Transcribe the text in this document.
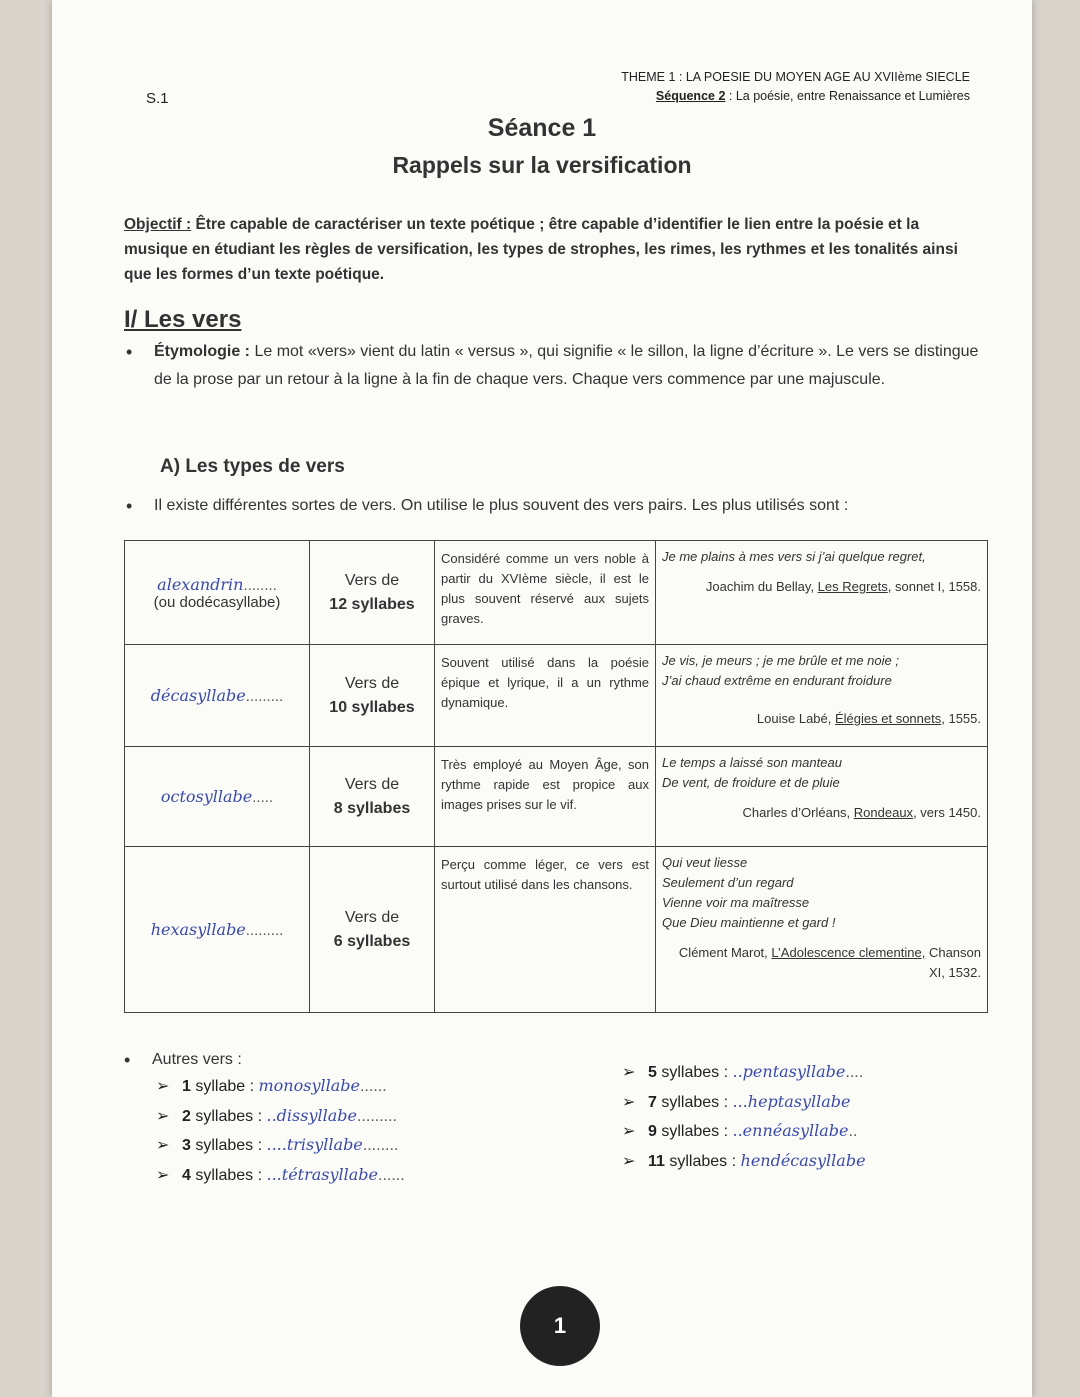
S.1
THEME 1 : LA POESIE DU MOYEN AGE AU XVIIème SIECLE
Séquence 2 : La poésie, entre Renaissance et Lumières
Séance 1
Rappels sur la versification
Objectif : Être capable de caractériser un texte poétique ; être capable d’identifier le lien entre la poésie et la musique en étudiant les règles de versification, les types de strophes, les rimes, les rythmes et les tonalités ainsi que les formes d’un texte poétique.
I/ Les vers
• Étymologie : Le mot «vers» vient du latin « versus », qui signifie « le sillon, la ligne d’écriture ». Le vers se distingue de la prose par un retour à la ligne à la fin de chaque vers. Chaque vers commence par une majuscule.
A) Les types de vers
• Il existe différentes sortes de vers. On utilise le plus souvent des vers pairs. Les plus utilisés sont :
alexandrin........
(ou dodécasyllabe)	Vers de
12 syllabes	Considéré comme un vers noble à partir du XVIème siècle, il est le plus souvent réservé aux sujets graves.	Je me plains à mes vers si j’ai quelque regret,
Joachim du Bellay, Les Regrets, sonnet I, 1558.

décasyllabe.........	Vers de
10 syllabes	Souvent utilisé dans la poésie épique et lyrique, il a un rythme dynamique.	Je vis, je meurs ; je me brûle et me noie ;
J’ai chaud extrême en endurant froidure
Louise Labé, Élégies et sonnets, 1555.

octosyllabe.....	Vers de
8 syllabes	Très employé au Moyen Âge, son rythme rapide est propice aux images prises sur le vif.	Le temps a laissé son manteau
De vent, de froidure et de pluie
Charles d’Orléans, Rondeaux, vers 1450.

hexasyllabe.........	Vers de
6 syllabes	Perçu comme léger, ce vers est surtout utilisé dans les chansons.	Qui veut liesse
Seulement d’un regard
Vienne voir ma maîtresse
Que Dieu maintienne et gard !
Clément Marot, L’Adolescence clementine, Chanson XI, 1532.
• Autres vers :
➢ 1 syllabe : monosyllabe......
➢ 2 syllabes : ..dissyllabe.........
➢ 3 syllabes : ....trisyllabe........
➢ 4 syllabes : ...tétrasyllabe......
➢ 5 syllabes : ..pentasyllabe....
➢ 7 syllabes : ...heptasyllabe
➢ 9 syllabes : ..ennéasyllabe..
➢ 11 syllabes : hendécasyllabe
1
